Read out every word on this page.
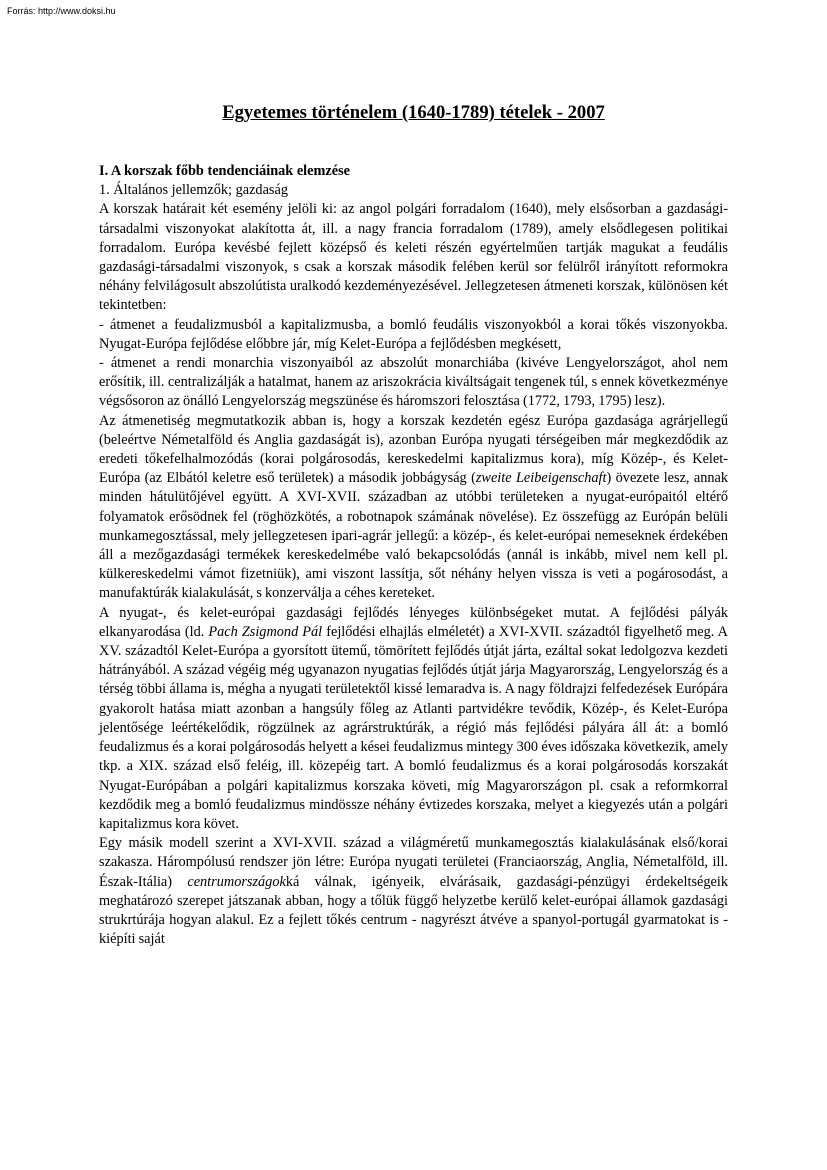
Forrás: http://www.doksi.hu
Egyetemes történelem (1640-1789) tételek - 2007

I. A korszak főbb tendenciáinak elemzése

1. Általános jellemzők; gazdaság

A korszak határait két esemény jelöli ki: az angol polgári forradalom (1640), mely elsősorban a gazdasági-társadalmi viszonyokat alakította át, ill. a nagy francia forradalom (1789), amely elsődlegesen politikai forradalom. Európa kevésbé fejlett középső és keleti részén egyértelműen tartják magukat a feudális gazdasági-társadalmi viszonyok, s csak a korszak második felében kerül sor felülről irányított reformokra néhány felvilágosult abszolútista uralkodó kezdeményezésével. Jellegzetesen átmeneti korszak, különösen két tekintetben:

- átmenet a feudalizmusból a kapitalizmusba, a bomló feudális viszonyokból a korai tőkés viszonyokba. Nyugat-Európa fejlődése előbbre jár, míg Kelet-Európa a fejlődésben megkésett,

- átmenet a rendi monarchia viszonyaiból az abszolút monarchiába (kivéve Lengyelországot, ahol nem erősítik, ill. centralizálják a hatalmat, hanem az ariszokrácia kiváltságait tengenek túl, s ennek következménye végsősoron az önálló Lengyelország megszünése és háromszori felosztása (1772, 1793, 1795) lesz).

Az átmenetiség megmutatkozik abban is, hogy a korszak kezdetén egész Európa gazdasága agrárjellegű (beleértve Németalföld és Anglia gazdaságát is), azonban Európa nyugati térségeiben már megkezdődik az eredeti tőkefelhalmozódás (korai polgárosodás, kereskedelmi kapitalizmus kora), míg Közép-, és Kelet-Európa (az Elbától keletre eső területek) a második jobbágyság (zweite Leibeigenschaft) övezete lesz, annak minden hátulütőjével együtt. A XVI-XVII. században az utóbbi területeken a nyugat-európaitól eltérő folyamatok erősödnek fel (röghözkötés, a robotnapok számának növelése). Ez összefügg az Európán belüli munkamegosztással, mely jellegzetesen ipari-agrár jellegű: a közép-, és kelet-európai nemeseknek érdekében áll a mezőgazdasági termékek kereskedelmébe való bekapcsolódás (annál is inkább, mivel nem kell pl. külkereskedelmi vámot fizetniük), ami viszont lassítja, sőt néhány helyen vissza is veti a pogárosodást, a manufaktúrák kialakulását, s konzerválja a céhes kereteket.

A nyugat-, és kelet-európai gazdasági fejlődés lényeges különbségeket mutat. A fejlődési pályák elkanyarodása (ld. Pach Zsigmond Pál fejlődési elhajlás elméletét) a XVI-XVII. századtól figyelhető meg. A XV. századtól Kelet-Európa a gyorsított ütemű, tömörített fejlődés útját járta, ezáltal sokat ledolgozva kezdeti hátrányából. A század végéig még ugyanazon nyugatias fejlődés útját járja Magyarország, Lengyelország és a térség többi állama is, mégha a nyugati területektől kissé lemaradva is. A nagy földrajzi felfedezések Európára gyakorolt hatása miatt azonban a hangsúly főleg az Atlanti partvidékre tevődik, Közép-, és Kelet-Európa jelentősége leértékelődik, rögzülnek az agrárstruktúrák, a régió más fejlődési pályára áll át: a bomló feudalizmus és a korai polgárosodás helyett a kései feudalizmus mintegy 300 éves időszaka következik, amely tkp. a XIX. század első feléig, ill. közepéig tart. A bomló feudalizmus és a korai polgárosodás korszakát Nyugat-Európában a polgári kapitalizmus korszaka követi, míg Magyarországon pl. csak a reformkorral kezdődik meg a bomló feudalizmus mindössze néhány évtizedes korszaka, melyet a kiegyezés után a polgári kapitalizmus kora követ.

Egy másik modell szerint a XVI-XVII. század a világméretű munkamegosztás kialakulásának első/korai szakasza. Hárompólusú rendszer jön létre: Európa nyugati területei (Franciaország, Anglia, Németalföld, ill. Észak-Itália) centrumországokká válnak, igényeik, elvárásaik, gazdasági-pénzügyi érdekeltségeik meghatározó szerepet játszanak abban, hogy a tőlük függő helyzetbe kerülő kelet-európai államok gazdasági strukrtúrája hogyan alakul. Ez a fejlett tőkés centrum - nagyrészt átvéve a spanyol-portugál gyarmatokat is - kiépíti saját
